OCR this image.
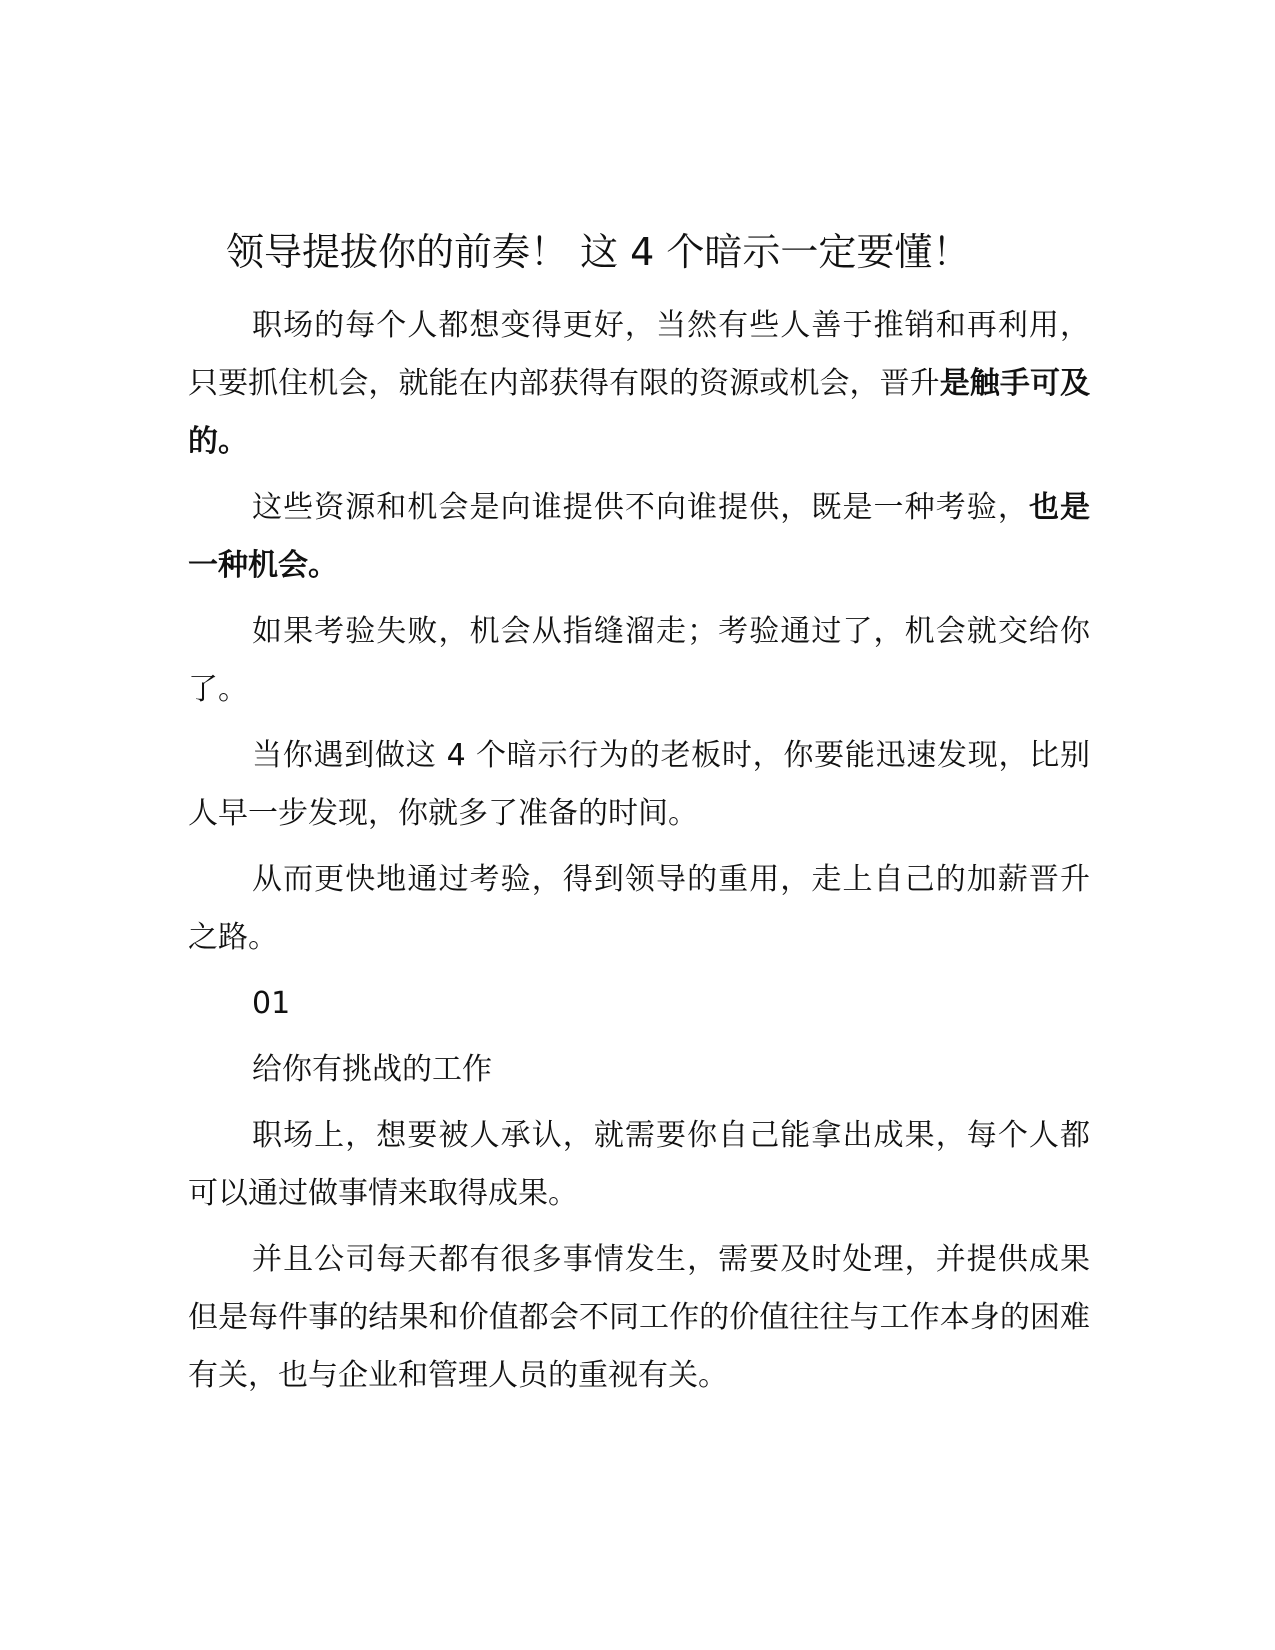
领导提拔你的前奏！ 这 4 个暗示一定要懂！

职场的每个人都想变得更好，当然有些人善于推销和再利用，只要抓住机会，就能在内部获得有限的资源或机会，晋升是触手可及的。

这些资源和机会是向谁提供不向谁提供，既是一种考验，也是一种机会。

如果考验失败，机会从指缝溜走；考验通过了，机会就交给你了。

当你遇到做这 4 个暗示行为的老板时，你要能迅速发现，比别人早一步发现，你就多了准备的时间。

从而更快地通过考验，得到领导的重用，走上自己的加薪晋升之路。

01

给你有挑战的工作

职场上，想要被人承认，就需要你自己能拿出成果，每个人都可以通过做事情来取得成果。

并且公司每天都有很多事情发生，需要及时处理，并提供成果但是每件事的结果和价值都会不同工作的价值往往与工作本身的困难有关，也与企业和管理人员的重视有关。
